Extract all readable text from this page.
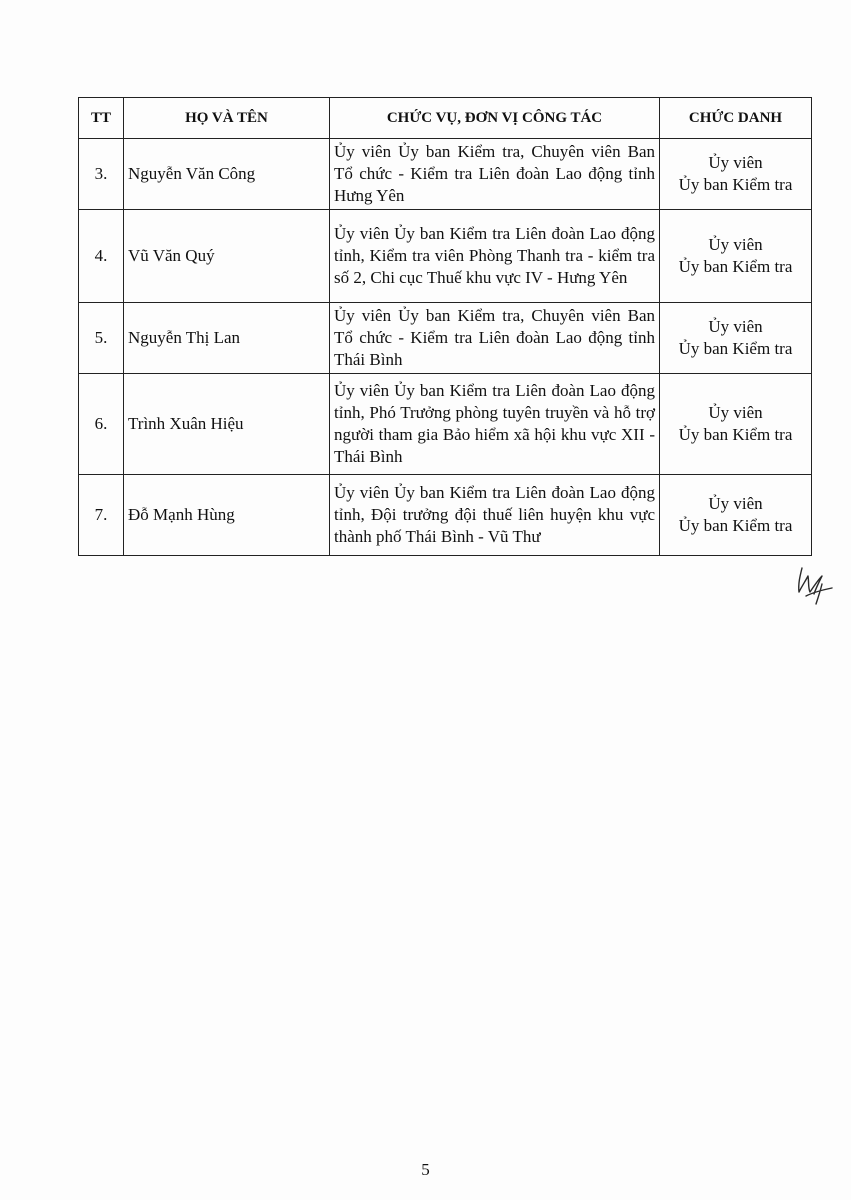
TT	HỌ VÀ TÊN	CHỨC VỤ, ĐƠN VỊ CÔNG TÁC	CHỨC DANH
3.	Nguyễn Văn Công	Ủy viên Ủy ban Kiểm tra, Chuyên viên Ban Tổ chức - Kiểm tra Liên đoàn Lao động tỉnh Hưng Yên	Ủy viên
Ủy ban Kiểm tra

4.	Vũ Văn Quý	Ủy viên Ủy ban Kiểm tra Liên đoàn Lao động tỉnh, Kiểm tra viên Phòng Thanh tra - kiểm tra số 2, Chi cục Thuế khu vực IV - Hưng Yên	Ủy viên
Ủy ban Kiểm tra

5.	Nguyễn Thị Lan	Ủy viên Ủy ban Kiểm tra, Chuyên viên Ban Tổ chức - Kiểm tra Liên đoàn Lao động tỉnh Thái Bình	Ủy viên
Ủy ban Kiểm tra

6.	Trình Xuân Hiệu	Ủy viên Ủy ban Kiểm tra Liên đoàn Lao động tỉnh, Phó Trưởng phòng tuyên truyền và hỗ trợ người tham gia Bảo hiểm xã hội khu vực XII - Thái Bình	Ủy viên
Ủy ban Kiểm tra

7.	Đỗ Mạnh Hùng	Ủy viên Ủy ban Kiểm tra Liên đoàn Lao động tỉnh, Đội trưởng đội thuế liên huyện khu vực thành phố Thái Bình - Vũ Thư	Ủy viên
Ủy ban Kiểm tra
5
